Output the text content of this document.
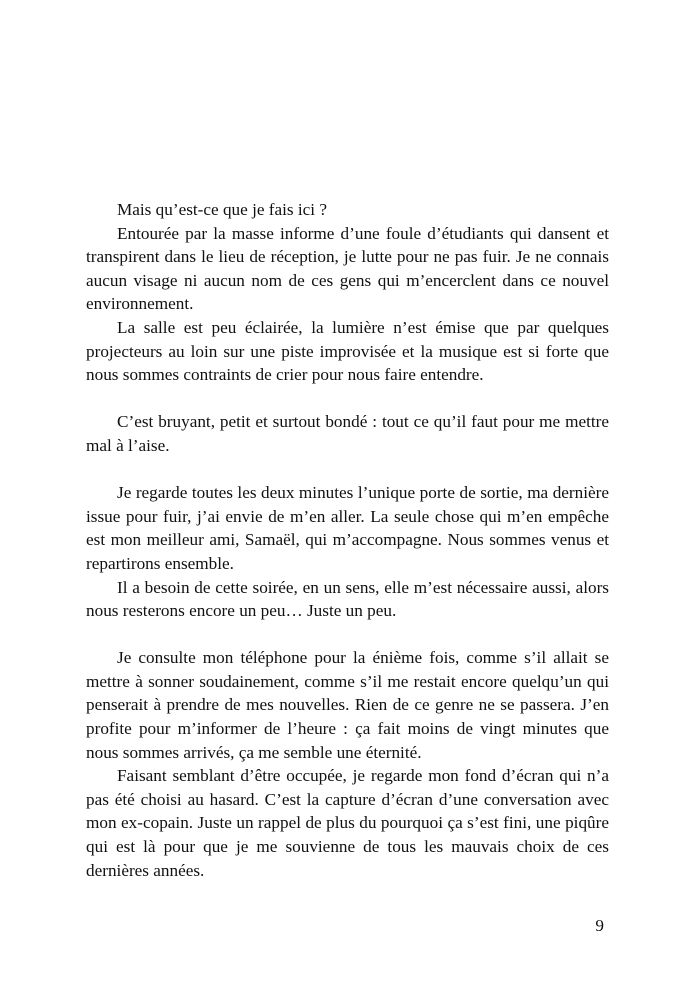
Mais qu’est-ce que je fais ici ?

Entourée par la masse informe d’une foule d’étudiants qui dansent et transpirent dans le lieu de réception, je lutte pour ne pas fuir. Je ne connais aucun visage ni aucun nom de ces gens qui m’encerclent dans ce nouvel environnement.

La salle est peu éclairée, la lumière n’est émise que par quelques projecteurs au loin sur une piste improvisée et la musique est si forte que nous sommes contraints de crier pour nous faire entendre.

C’est bruyant, petit et surtout bondé : tout ce qu’il faut pour me mettre mal à l’aise.

Je regarde toutes les deux minutes l’unique porte de sortie, ma dernière issue pour fuir, j’ai envie de m’en aller. La seule chose qui m’en empêche est mon meilleur ami, Samaël, qui m’accompagne. Nous sommes venus et repartirons ensemble.

Il a besoin de cette soirée, en un sens, elle m’est nécessaire aussi, alors nous resterons encore un peu… Juste un peu.

Je consulte mon téléphone pour la énième fois, comme s’il allait se mettre à sonner soudainement, comme s’il me restait encore quelqu’un qui penserait à prendre de mes nouvelles. Rien de ce genre ne se passera. J’en profite pour m’informer de l’heure : ça fait moins de vingt minutes que nous sommes arrivés, ça me semble une éternité.

Faisant semblant d’être occupée, je regarde mon fond d’écran qui n’a pas été choisi au hasard. C’est la capture d’écran d’une conversation avec mon ex-copain. Juste un rappel de plus du pourquoi ça s’est fini, une piqûre qui est là pour que je me souvienne de tous les mauvais choix de ces dernières années.

9
